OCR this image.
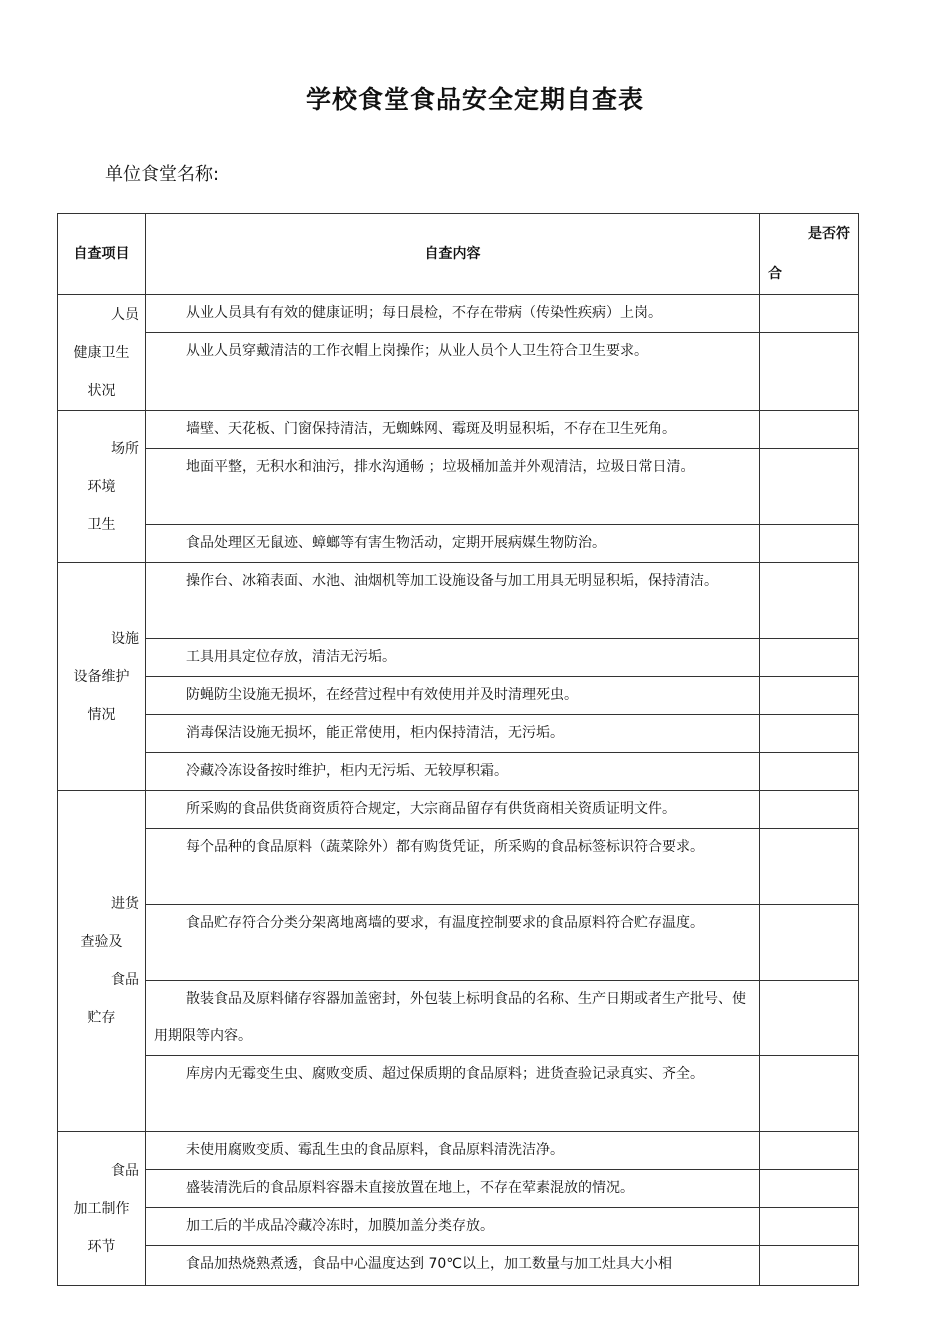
学校食堂食品安全定期自查表
单位食堂名称:
自查项目	自查内容	是否符
合

人员
健康卫生
状况	从业人员具有有效的健康证明；每日晨检，不存在带病（传染性疾病）上岗。	
	从业人员穿戴清洁的工作衣帽上岗操作；从业人员个人卫生符合卫生要求。	

场所
环境
卫生	墙壁、天花板、门窗保持清洁，无蜘蛛网、霉斑及明显积垢，不存在卫生死角。	
	地面平整，无积水和油污，排水沟通畅 ；垃圾桶加盖并外观清洁，垃圾日常日清。	
	食品处理区无鼠迹、蟑螂等有害生物活动，定期开展病媒生物防治。	

设施
设备维护
情况	操作台、冰箱表面、水池、油烟机等加工设施设备与加工用具无明显积垢，保持清洁。	
	工具用具定位存放，清洁无污垢。	
	防蝇防尘设施无损坏，在经营过程中有效使用并及时清理死虫。	
	消毒保洁设施无损坏，能正常使用，柜内保持清洁，无污垢。	
	冷藏冷冻设备按时维护，柜内无污垢、无较厚积霜。	

进货
查验及
食品
贮存	所采购的食品供货商资质符合规定，大宗商品留存有供货商相关资质证明文件。	
	每个品种的食品原料（蔬菜除外）都有购货凭证，所采购的食品标签标识符合要求。	
	食品贮存符合分类分架离地离墙的要求，有温度控制要求的食品原料符合贮存温度。	
	散装食品及原料储存容器加盖密封，外包装上标明食品的名称、生产日期或者生产批号、使用期限等内容。	
	库房内无霉变生虫、腐败变质、超过保质期的食品原料；进货查验记录真实、齐全。	

食品
加工制作
环节	未使用腐败变质、霉乱生虫的食品原料，食品原料清洗洁净。	
	盛装清洗后的食品原料容器未直接放置在地上，不存在荤素混放的情况。	
	加工后的半成品冷藏冷冻时，加膜加盖分类存放。	
	食品加热烧熟煮透，食品中心温度达到 70℃以上，加工数量与加工灶具大小相	
